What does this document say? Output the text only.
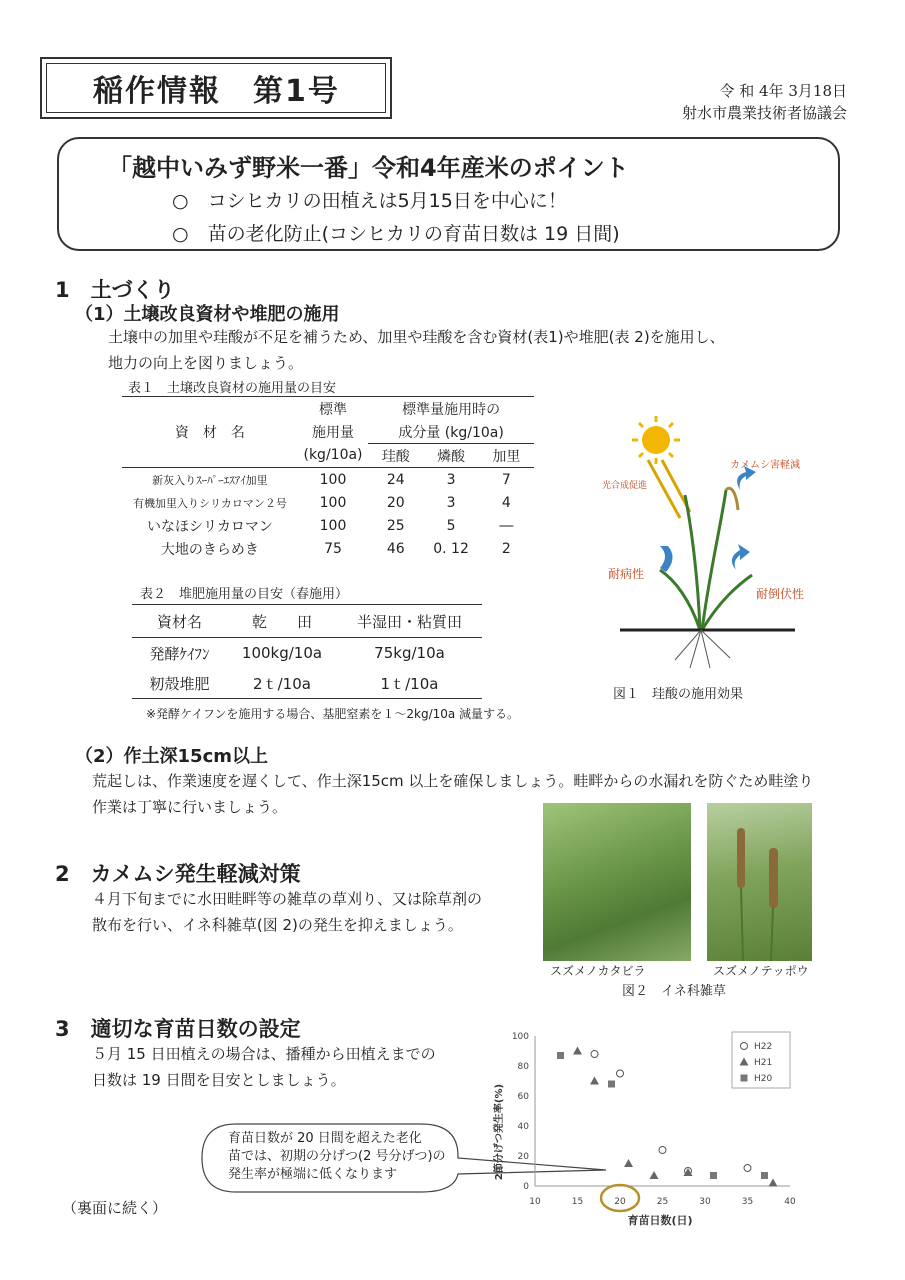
稲作情報　第1号	令 和 4年 3月18日
射水市農業技術者協議会
「越中いみず野米一番」令和4年産米のポイント
○　コシヒカリの田植えは5月15日を中心に！
○　苗の老化防止(コシヒカリの育苗日数は 19 日間)
1　土づくり
（1）土壌改良資材や堆肥の施用
土壌中の加里や珪酸が不足を補うため、加里や珪酸を含む資材(表1)や堆肥(表 2)を施用し、
地力の向上を図りましょう。
表１　土壌改良資材の施用量の目安
資　材　名	標準	標準量施用時の		
	施用量	成分量 (kg/10a)		
	(kg/10a)	珪酸	燐酸	加里
新灰入りｽｰﾊﾟｰｴｽｱｲ加里	100	24	3	7
有機加里入りシリカロマン２号	100	20	3	4
いなほシリカロマン	100	25	5	―
大地のきらめき	75	46	0. 12	2
表２　堆肥施用量の目安（春施用）
資材名	乾　　田	半湿田・粘質田
発酵ｹｲﾌﾝ	100kg/10a	75kg/10a
籾殻堆肥	2ｔ/10a	1ｔ/10a
※発酵ケイフンを施用する場合、基肥窒素を１～2kg/10a 減量する。
光合成促進
カメムシ害軽減
耐病性
耐倒伏性
図１　珪酸の施用効果
（2）作土深15cm以上
荒起しは、作業速度を遅くして、作土深15cm 以上を確保しましょう。畦畔からの水漏れを防ぐため畦塗り
作業は丁寧に行いましょう。
2　カメムシ発生軽減対策
４月下旬までに水田畦畔等の雑草の草刈り、又は除草剤の
散布を行い、イネ科雑草(図 2)の発生を抑えましょう。
スズメノカタビラ	スズメノテッポウ
図２　イネ科雑草
3　適切な育苗日数の設定
５月 15 日田植えの場合は、播種から田植えまでの
日数は 19 日間を目安としましょう。
育苗日数が 20 日間を超えた老化
苗では、初期の分げつ(2 号分げつ)の
発生率が極端に低くなります
（裏面に続く）
0
20
40
60
80
100
10	15	20	25	30	35	40
H22
H21
H20
2節分げつ発生率(%)
育苗日数(日)
